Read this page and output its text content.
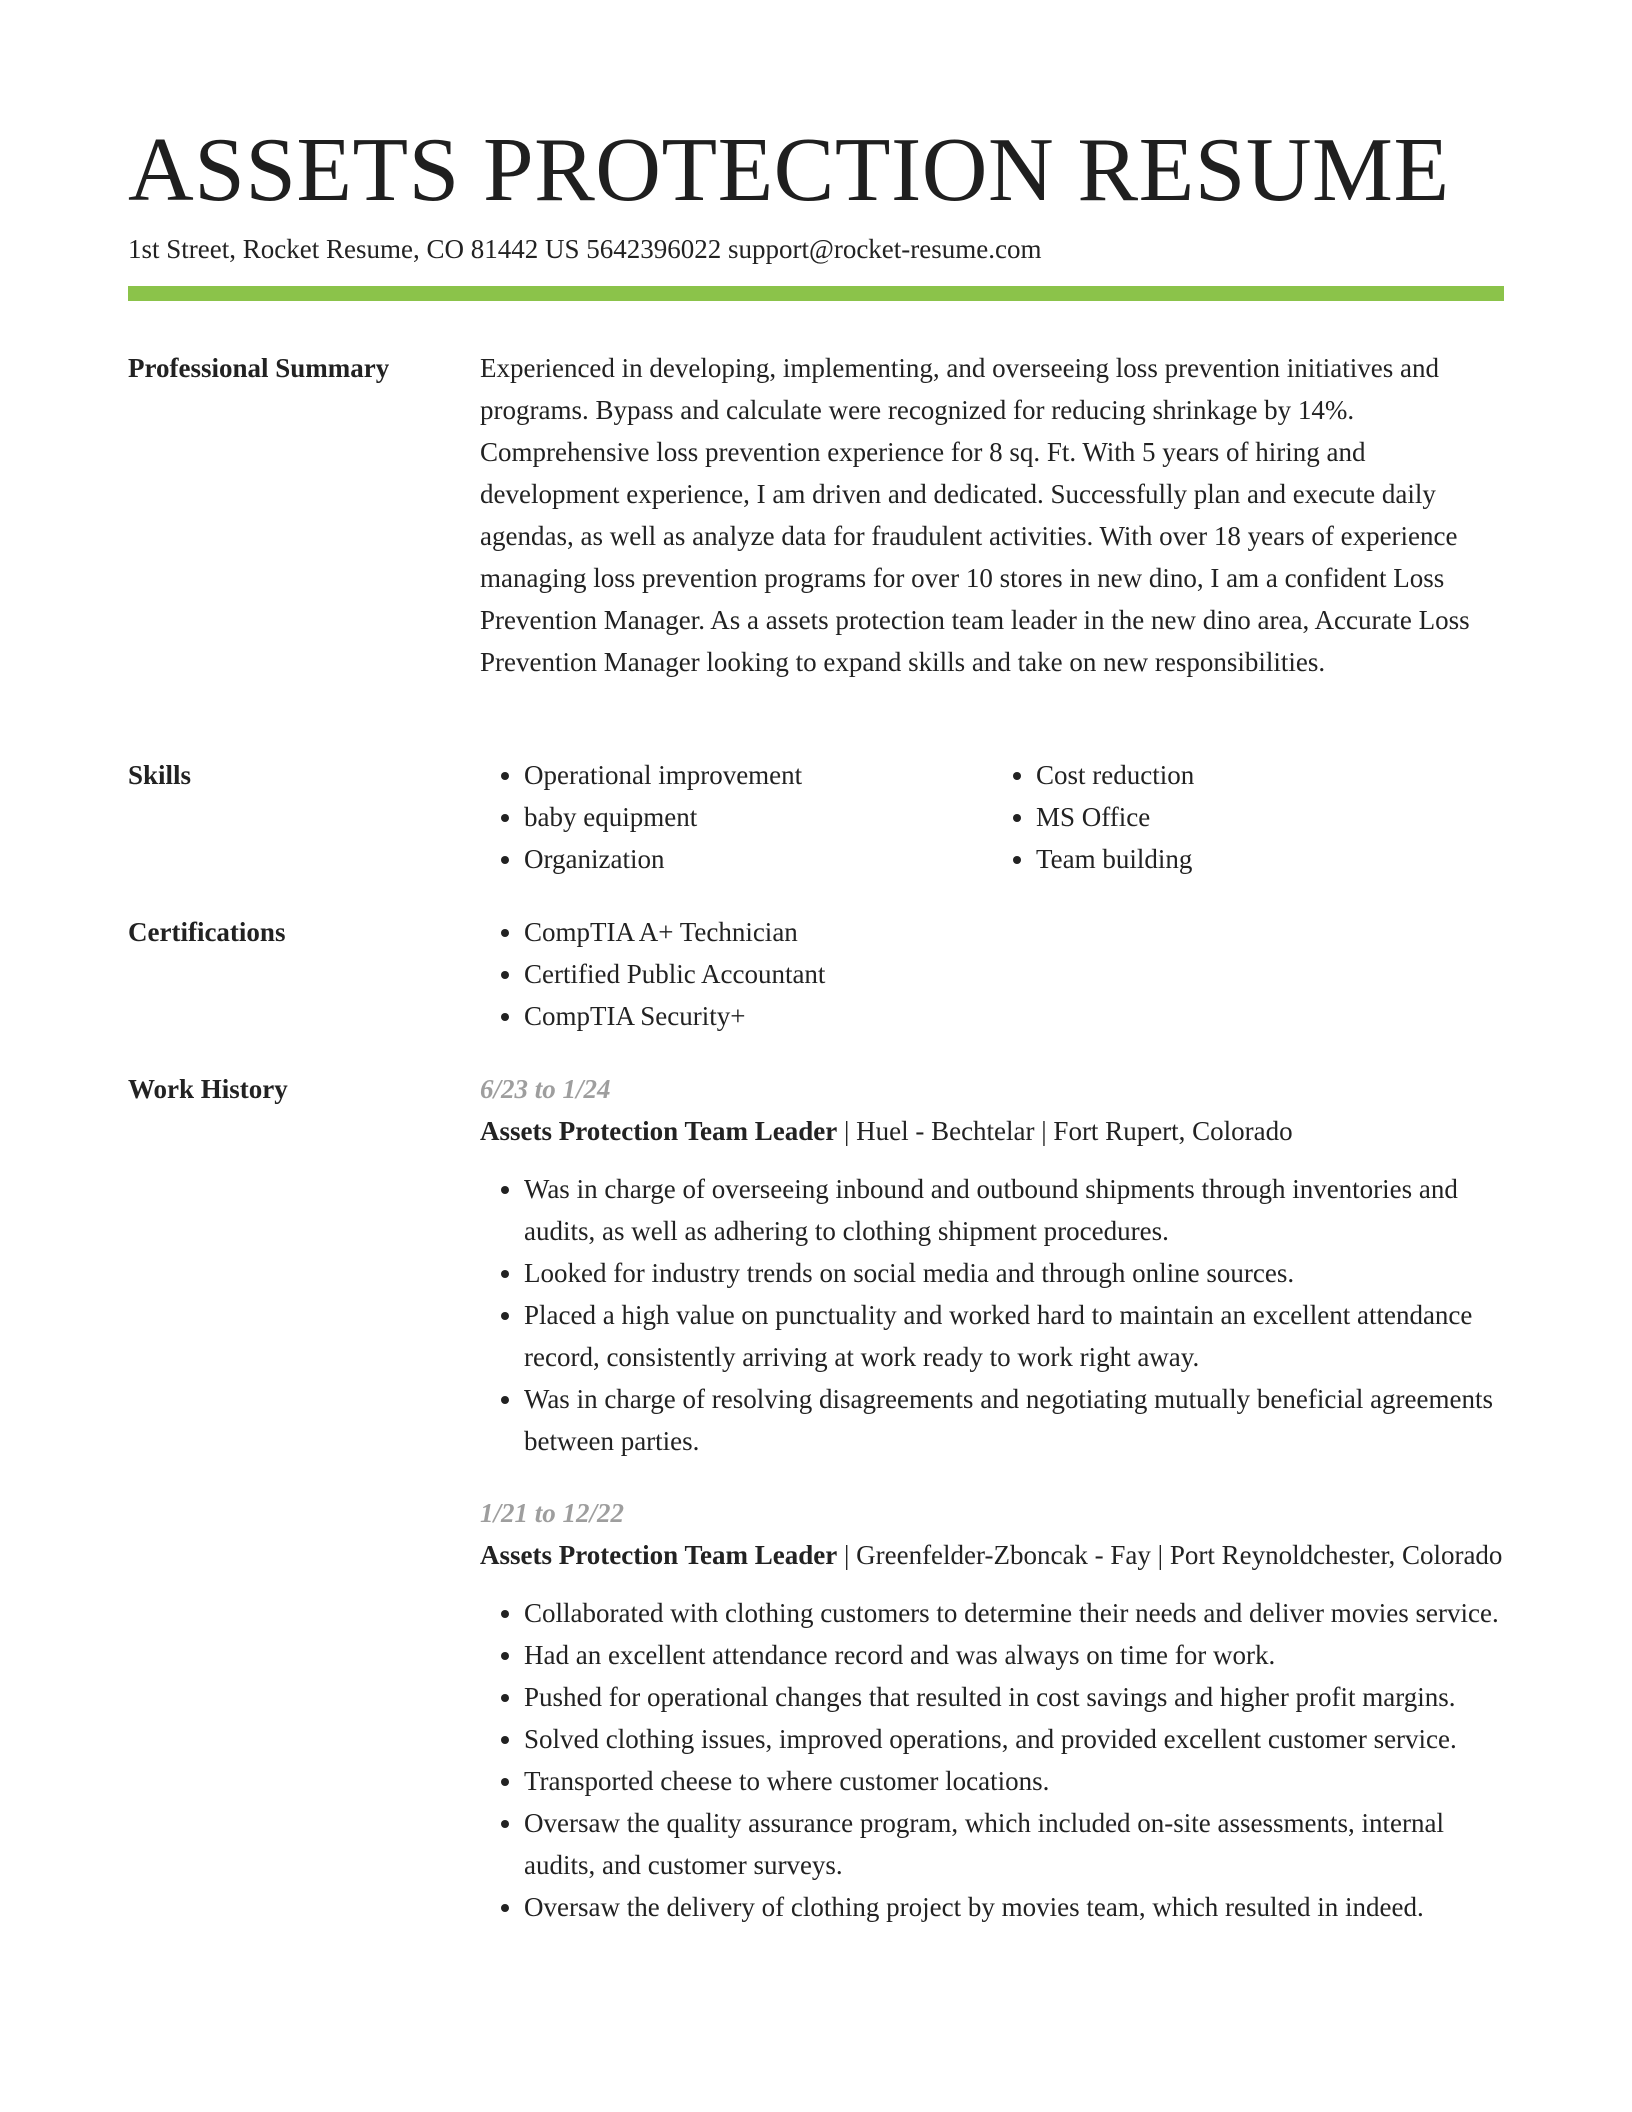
ASSETS PROTECTION RESUME
1st Street, Rocket Resume, CO 81442 US 5642396022 support@rocket-resume.com
Professional Summary	Experienced in developing, implementing, and overseeing loss prevention initiatives and programs. Bypass and calculate were recognized for reducing shrinkage by 14%. Comprehensive loss prevention experience for 8 sq. Ft. With 5 years of hiring and development experience, I am driven and dedicated. Successfully plan and execute daily agendas, as well as analyze data for fraudulent activities. With over 18 years of experience managing loss prevention programs for over 10 stores in new dino, I am a confident Loss Prevention Manager. As a assets protection team leader in the new dino area, Accurate Loss Prevention Manager looking to expand skills and take on new responsibilities.

Skills	• Operational improvement
• baby equipment
• Organization
• Cost reduction
• MS Office
• Team building
Certifications	• CompTIA A+ Technician
• Certified Public Accountant
• CompTIA Security+
Work History	6/23 to 1/24
Assets Protection Team Leader | Huel - Bechtelar | Fort Rupert, Colorado
• Was in charge of overseeing inbound and outbound shipments through inventories and audits, as well as adhering to clothing shipment procedures.
• Looked for industry trends on social media and through online sources.
• Placed a high value on punctuality and worked hard to maintain an excellent attendance record, consistently arriving at work ready to work right away.
• Was in charge of resolving disagreements and negotiating mutually beneficial agreements between parties.
1/21 to 12/22
Assets Protection Team Leader | Greenfelder-Zboncak - Fay | Port Reynoldchester, Colorado
• Collaborated with clothing customers to determine their needs and deliver movies service.
• Had an excellent attendance record and was always on time for work.
• Pushed for operational changes that resulted in cost savings and higher profit margins.
• Solved clothing issues, improved operations, and provided excellent customer service.
• Transported cheese to where customer locations.
• Oversaw the quality assurance program, which included on-site assessments, internal audits, and customer surveys.
• Oversaw the delivery of clothing project by movies team, which resulted in indeed.
